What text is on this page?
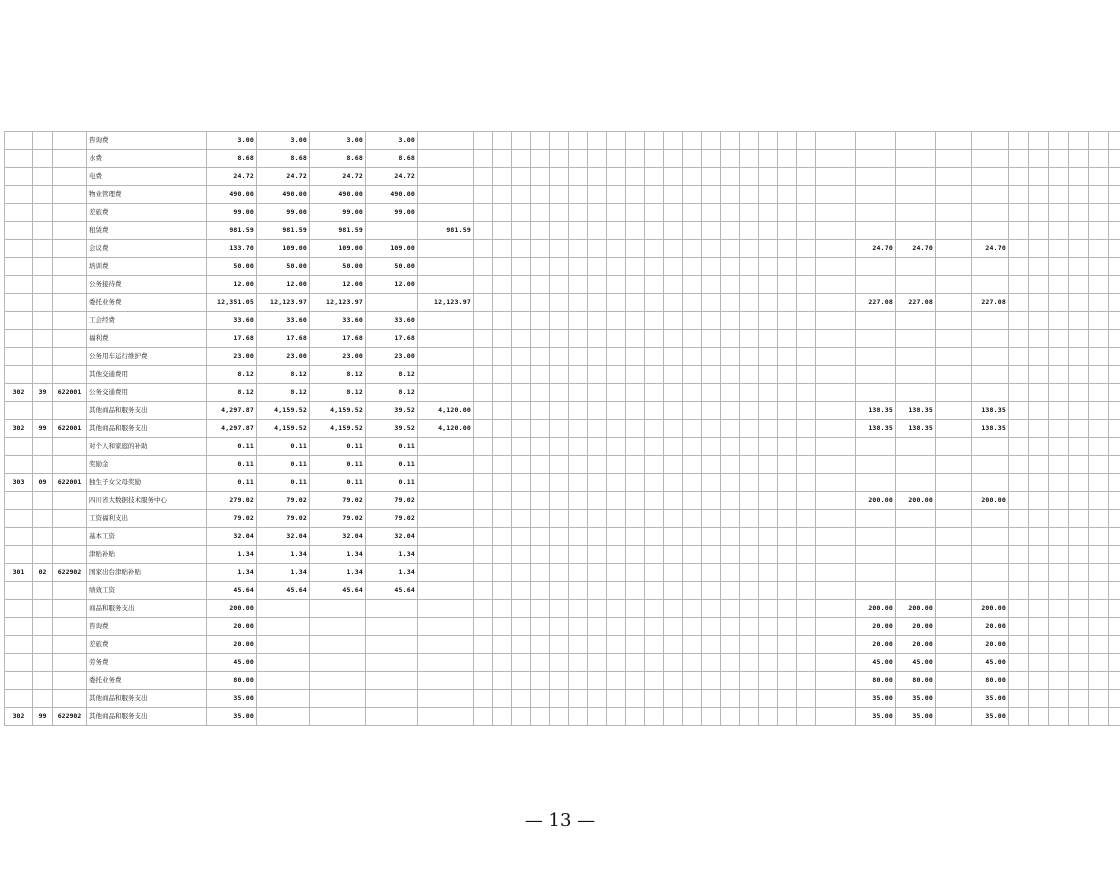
			咨询费	3.00	3.00	3.00	3.00																																	
			水费	8.68	8.68	8.68	8.68																																	
			电费	24.72	24.72	24.72	24.72																																	
			物业管理费	490.00	490.00	490.00	490.00																																	
			差旅费	99.00	99.00	99.00	99.00																																	
			租赁费	981.59	981.59	981.59		981.59																																
			会议费	133.70	109.00	109.00	109.00																					24.70	24.70		24.70									
			培训费	50.00	50.00	50.00	50.00																																	
			公务接待费	12.00	12.00	12.00	12.00																																	
			委托业务费	12,351.05	12,123.97	12,123.97		12,123.97																				227.08	227.08		227.08									
			工会经费	33.60	33.60	33.60	33.60																																	
			福利费	17.68	17.68	17.68	17.68																																	
			公务用车运行维护费	23.00	23.00	23.00	23.00																																	
			其他交通费用	8.12	8.12	8.12	8.12																																	
302	39	622001	公务交通费用	8.12	8.12	8.12	8.12																																	
			其他商品和服务支出	4,297.87	4,159.52	4,159.52	39.52	4,120.00																				138.35	138.35		138.35									
302	99	622001	其他商品和服务支出	4,297.87	4,159.52	4,159.52	39.52	4,120.00																				138.35	138.35		138.35									
			对个人和家庭的补助	0.11	0.11	0.11	0.11																																	
			奖励金	0.11	0.11	0.11	0.11																																	
303	09	622001	独生子女父母奖励	0.11	0.11	0.11	0.11																																	
			四川省大数据技术服务中心	279.02	79.02	79.02	79.02																					200.00	200.00		200.00									
			工资福利支出	79.02	79.02	79.02	79.02																																	
			基本工资	32.04	32.04	32.04	32.04																																	
			津贴补贴	1.34	1.34	1.34	1.34																																	
301	02	622902	国家出台津贴补贴	1.34	1.34	1.34	1.34																																	
			绩效工资	45.64	45.64	45.64	45.64																																	
			商品和服务支出	200.00																								200.00	200.00		200.00									
			咨询费	20.00																								20.00	20.00		20.00									
			差旅费	20.00																								20.00	20.00		20.00									
			劳务费	45.00																								45.00	45.00		45.00									
			委托业务费	80.00																								80.00	80.00		80.00									
			其他商品和服务支出	35.00																								35.00	35.00		35.00									
302	99	622902	其他商品和服务支出	35.00																								35.00	35.00		35.00									
— 13 —
